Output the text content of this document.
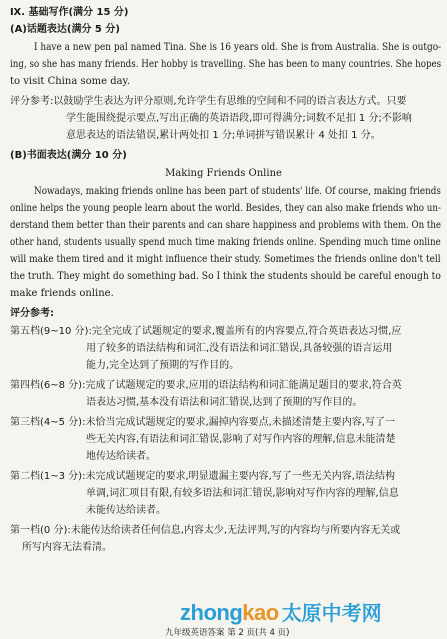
Ⅸ. 基础写作(满分 15 分)
(A)话题表达(满分 5 分)
I have a new pen pal named Tina. She is 16 years old. She is from Australia. She is outgo-
ing, so she has many friends. Her hobby is travelling. She has been to many countries. She hopes
to visit China some day.
评分参考:以鼓励学生表达为评分原则,允许学生有思维的空间和不同的语言表达方式。只要
学生能围绕提示要点,写出正确的英语语段,即可得满分;词数不足扣 1 分;不影响
意思表达的语法错误,累计两处扣 1 分;单词拼写错误累计 4 处扣 1 分。
(B)书面表达(满分 10 分)
Making Friends Online
Nowadays, making friends online has been part of students' life. Of course, making friends
online helps the young people learn about the world. Besides, they can also make friends who un-
derstand them better than their parents and can share happiness and problems with them. On the
other hand, students usually spend much time making friends online. Spending much time online
will make them tired and it might influence their study. Sometimes the friends online don't tell
the truth. They might do something bad. So I think the students should be careful enough to
make friends online.
评分参考:
第五档(9~10 分):完全完成了试题规定的要求,覆盖所有的内容要点,符合英语表达习惯,应
用了较多的语法结构和词汇,没有语法和词汇错误,具备较强的语言运用
能力,完全达到了预期的写作目的。
第四档(6~8 分):完成了试题规定的要求,应用的语法结构和词汇能满足题目的要求,符合英
语表达习惯,基本没有语法和词汇错误,达到了预期的写作目的。
第三档(4~5 分):未恰当完成试题规定的要求,漏掉内容要点,未描述清楚主要内容,写了一
些无关内容,有语法和词汇错误,影响了对写作内容的理解,信息未能清楚
地传达给读者。
第二档(1~3 分):未完成试题规定的要求,明显遗漏主要内容,写了一些无关内容,语法结构
单调,词汇项目有限,有较多语法和词汇错误,影响对写作内容的理解,信息
未能传达给读者。
第一档(0 分):未能传达给读者任何信息,内容太少,无法评判,写的内容均与所要内容无关或
所写内容无法看清。
zhongkao 太原中考网
九年级英语答案 第 2 页(共 4 页)
